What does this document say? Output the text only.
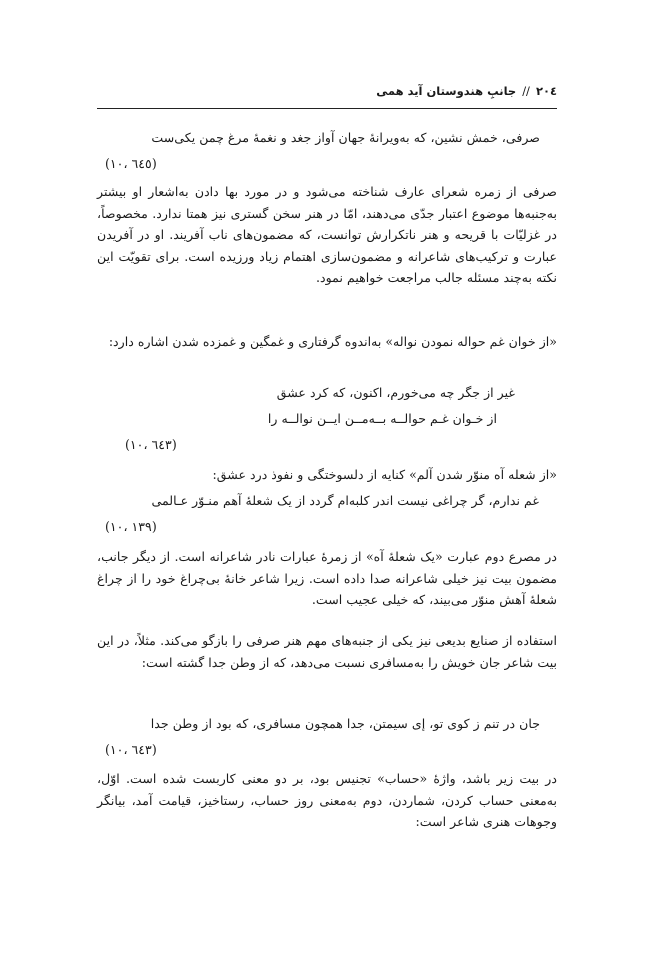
۲۰٤
//
جانبِ هندوستان آید همی

صرفی، خمش نشین، که به‌ویرانهٔ جهان آواز جغد و نغمهٔ مرغ چمن یکی‌ست

(٦٤٥ ،١٠)

صرفی از زمره شعرای عارف شناخته می‌شود و در مورد بها دادن به‌اشعار او بیشتر به‌جنبه‌ها موضوع اعتبار جدّی می‌دهند، امّا در هنر سخن گستری نیز همتا ندارد. مخصوصاً، در غزلیّات با قریحه و هنر ناتکرارش توانست، که مضمون‌های ناب آفریند. او در آفریدن عبارت و ترکیب‌های شاعرانه و مضمون‌سازی اهتمام زیاد ورزیده است. برای تقویّت این نکته به‌چند مسئله جالب مراجعت خواهیم نمود.

«از خوان غم حواله نمودن نواله» به‌اندوه گرفتاری و غمگین و غمزده شدن اشاره دارد:

غیر از جگر چه می‌خورم، اکنون، که کرد عشق

از خـوان غـم حوالــه بــه‌مــن ایــن نوالــه را

(٦٤٣ ،١٠)

«از شعله آه منوّر شدن آلم» کنایه از دلسوختگی و نفوذ درد عشق:

غم ندارم، گر چراغی نیست اندر کلبه‌ام گردد از یک شعلهٔ آهم منـوّر عـالمی

(١٣٩ ،١٠)

در مصرع دوم عبارت «یک شعلهٔ آه» از زمرهٔ عبارات نادر شاعرانه است. از دیگر جانب، مضمون بیت نیز خیلی شاعرانه صدا داده است. زیرا شاعر خانهٔ بی‌چراغ خود را از چراغ شعلهٔ آهش منوّر می‌بیند، که خیلی عجیب است.

استفاده از صنایع بدیعی نیز یکی از جنبه‌های مهم هنر صرفی را بازگو می‌کند. مثلاً، در این بیت شاعر جان خویش را به‌مسافری نسبت می‌دهد، که از وطن جدا گشته است:

جان در تنم ز کوی تو، إی سیمتن، جدا همچون مسافری، که بود از وطن جدا

(٦٤٣ ،١٠)

در بیت زیر باشد، واژهٔ «حساب» تجنیس بود، بر دو معنی کاربست شده است. اوّل، به‌معنی حساب کردن، شماردن، دوم به‌معنی روز حساب، رستاخیز، قیامت آمد، بیانگر وجوهات هنری شاعر است:
